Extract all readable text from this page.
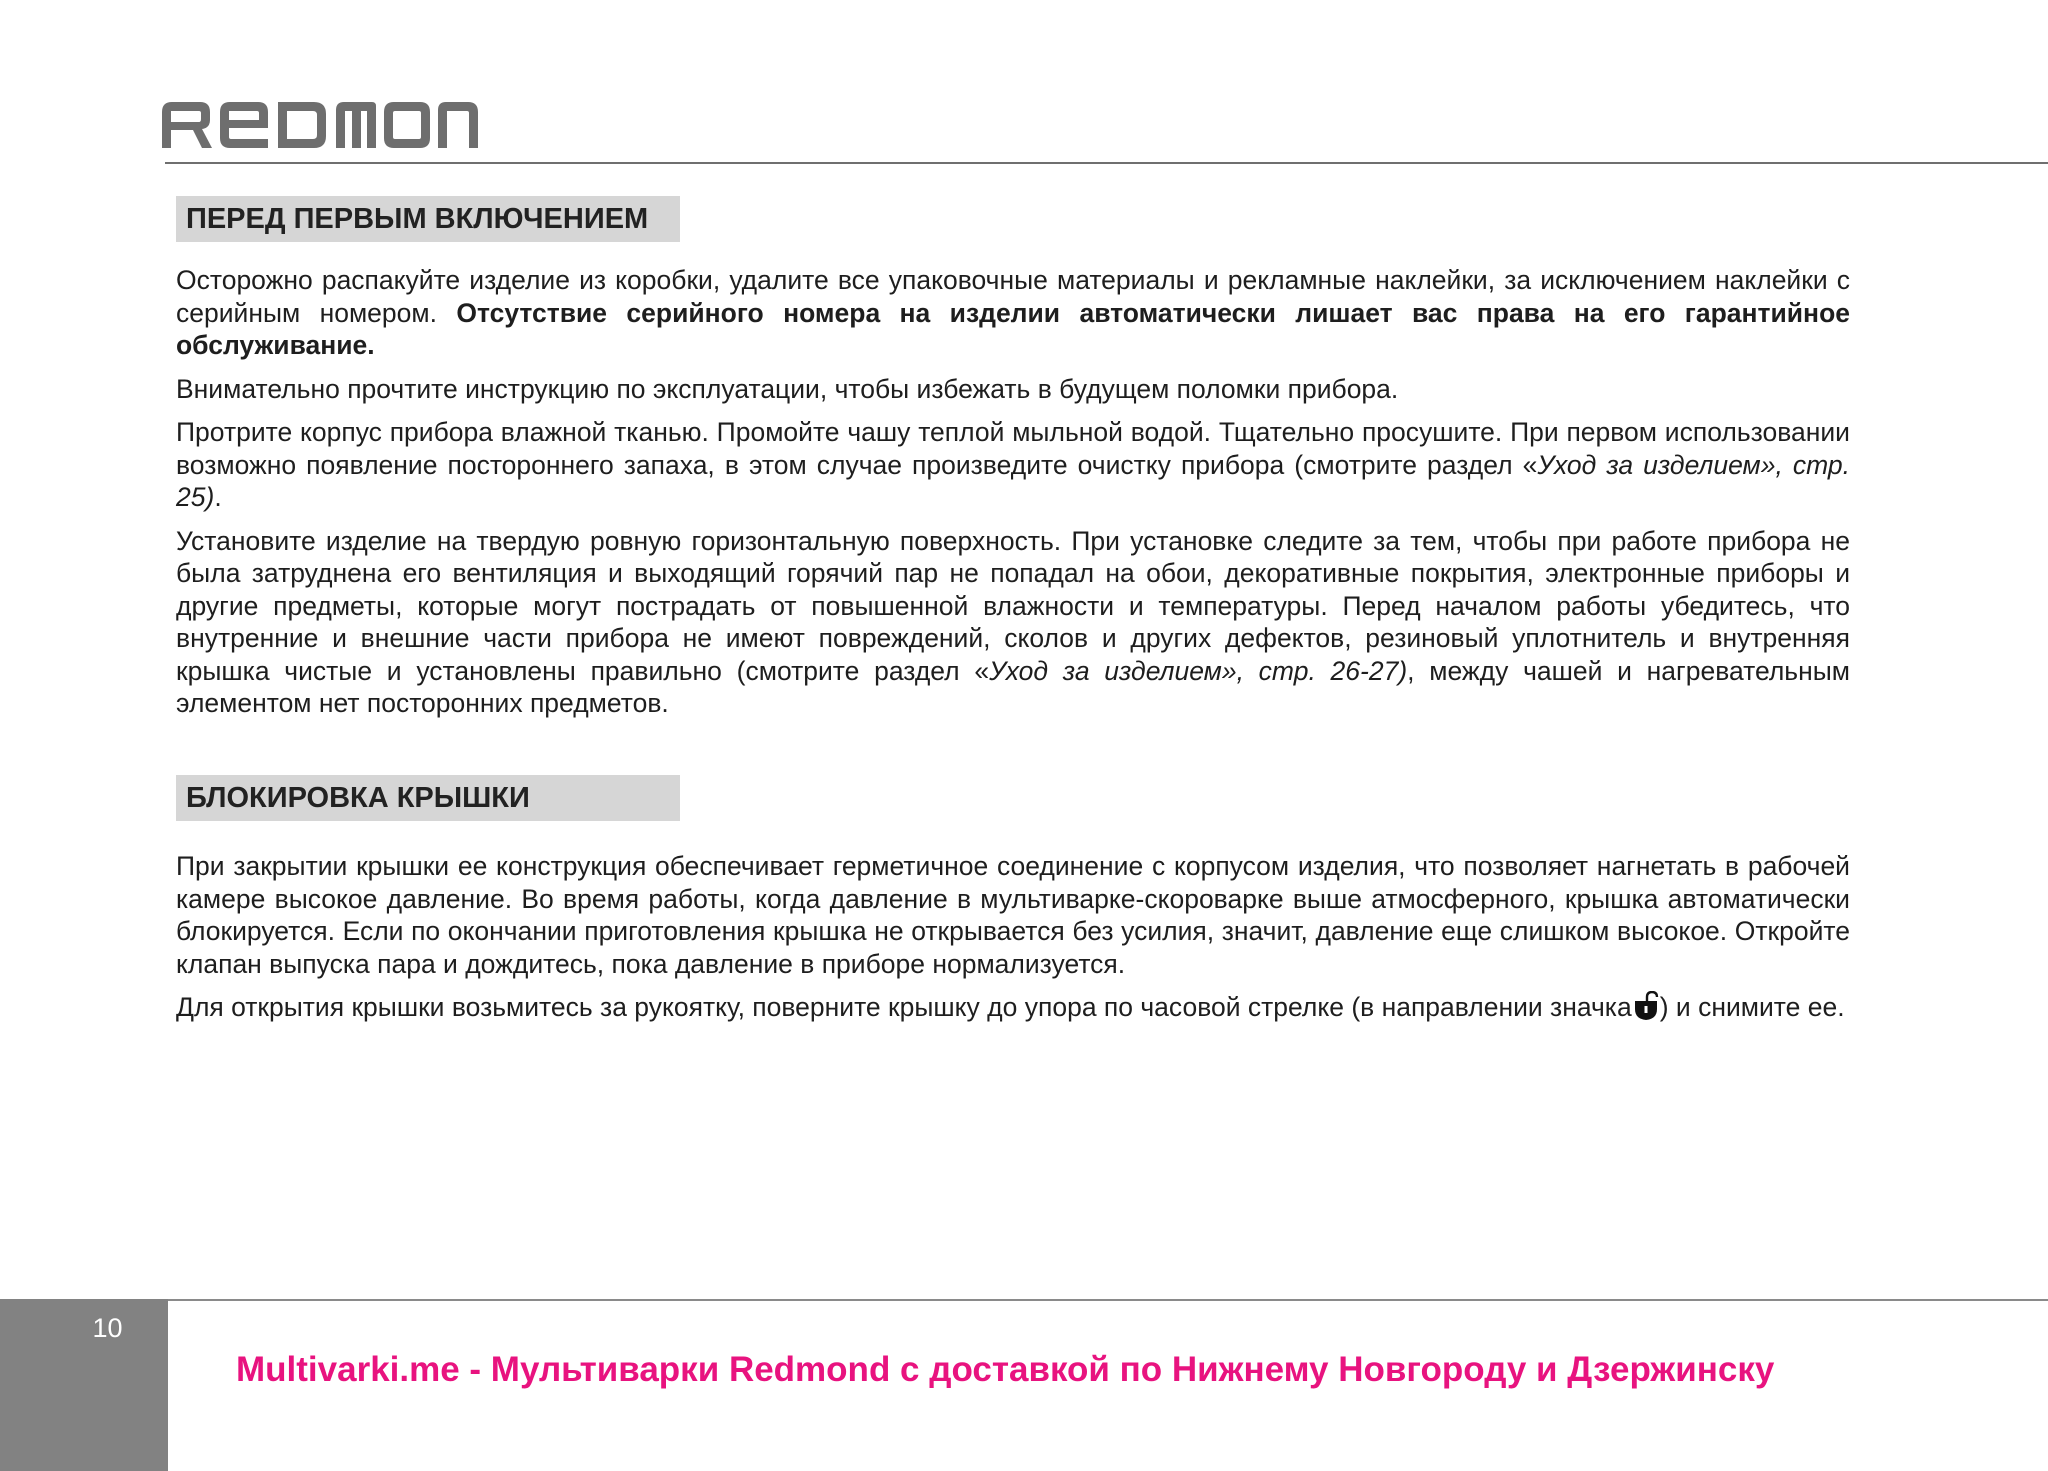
ПЕРЕД ПЕРВЫМ ВКЛЮЧЕНИЕМ

Осторожно распакуйте изделие из коробки, удалите все упаковочные материалы и рекламные наклейки, за исключением наклейки с серийным номером. Отсутствие серийного номера на изделии автоматически лишает вас права на его гарантийное обслуживание.

Внимательно прочтите инструкцию по эксплуатации, чтобы избежать в будущем поломки прибора.

Протрите корпус прибора влажной тканью. Промойте чашу теплой мыльной водой. Тщательно просушите. При первом использовании возможно появление постороннего запаха, в этом случае произведите очистку прибора (смотрите раздел «Уход за изделием», стр. 25).

Установите изделие на твердую ровную горизонтальную поверхность. При установке следите за тем, чтобы при работе прибора не была затруднена его вентиляция и выходящий горячий пар не попадал на обои, декоративные покрытия, электронные приборы и другие предметы, которые могут пострадать от повышенной влажности и температуры. Перед началом работы убедитесь, что внутренние и внешние части прибора не имеют повреждений, сколов и других дефектов, резиновый уплотнитель и внутренняя крышка чистые и установлены правильно (смотрите раздел «Уход за изделием», стр. 26-27), между чашей и нагревательным элементом нет посторонних предметов.

БЛОКИРОВКА КРЫШКИ

При закрытии крышки ее конструкция обеспечивает герметичное соединение с корпусом изделия, что позволяет нагнетать в рабочей камере высокое давление. Во время работы, когда давление в мультиварке-скороварке выше атмосферного, крышка автоматически блокируется. Если по окончании приготовления крышка не открывается без усилия, значит, давление еще слишком высокое. Откройте клапан выпуска пара и дождитесь, пока давление в приборе нормализуется.

Для открытия крышки возьмитесь за рукоятку, поверните крышку до упора по часовой стрелке (в направлении значка ) и снимите ее.

10
Multivarki.me - Мультиварки Redmond с доставкой по Нижнему Новгороду и Дзержинску
